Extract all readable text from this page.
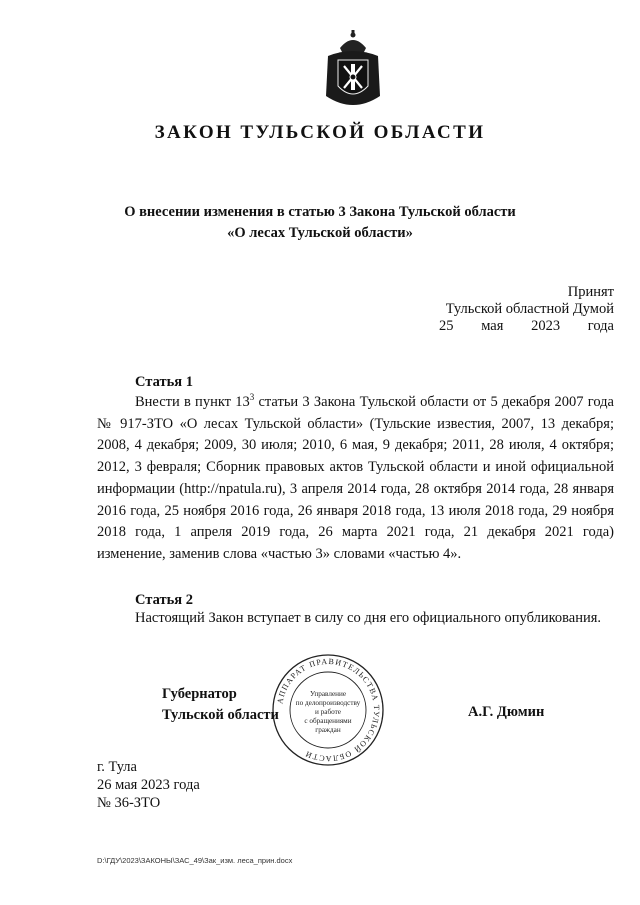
ЗАКОН ТУЛЬСКОЙ ОБЛАСТИ
О внесении изменения в статью 3 Закона Тульской области
«О лесах Тульской области»
Принят
Тульской областной Думой
25 мая 2023 года
Статья 1

Внести в пункт $13^3$ статьи 3 Закона Тульской области от 5 декабря 2007 года № 917-ЗТО «О лесах Тульской области» (Тульские известия, 2007, 13 декабря; 2008, 4 декабря; 2009, 30 июля; 2010, 6 мая, 9 декабря; 2011, 28 июля, 4 октября; 2012, 3 февраля; Сборник правовых актов Тульской области и иной официальной информации (http://npatula.ru), 3 апреля 2014 года, 28 октября 2014 года, 28 января 2016 года, 25 ноября 2016 года, 26 января 2018 года, 13 июля 2018 года, 29 ноября 2018 года, 1 апреля 2019 года, 26 марта 2021 года, 21 декабря 2021 года) изменение, заменив слова «частью 3» словами «частью 4».

Статья 2

Настоящий Закон вступает в силу со дня его официального опубликования.

АППАРАТ ПРАВИТЕЛЬСТВА ТУЛЬСКОЙ ОБЛАСТИ
Управление
по делопроизводству
и работе
с обращениями
граждан
Губернатор
Тульской области	А.Г. Дюмин
г. Тула
26 мая 2023 года
№ 36-ЗТО
D:\ГДУ\2023\ЗАКОНЫ\ЗАС_49\Зак_изм. леса_прин.docx
